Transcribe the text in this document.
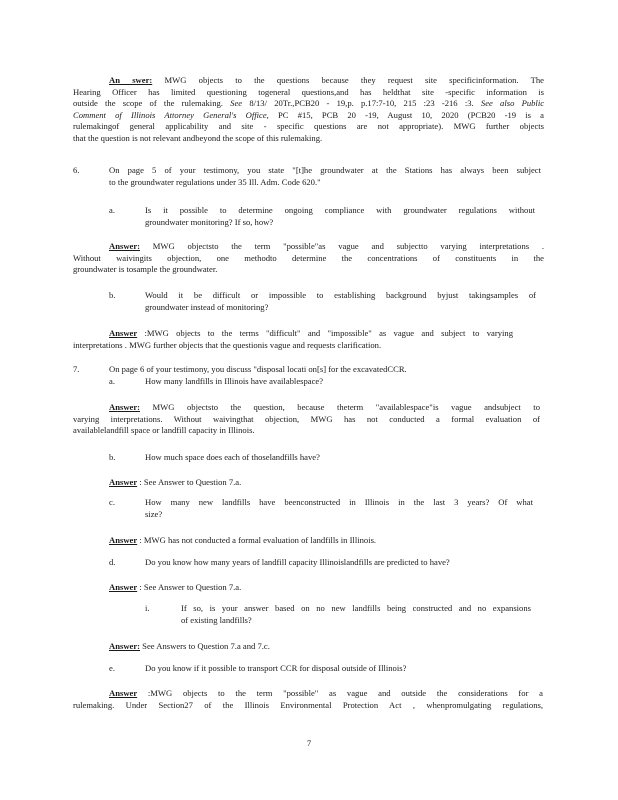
An swer: MWG objects to the questions because they request site specificinformation. The
Hearing Officer has limited questioning togeneral questions,and has heldthat site -specific information is
outside the scope of the rulemaking. See 8/13/ 20Tr.,PCB20 - 19,p. p.17:7-10, 215 :23 -216 :3. See also Public
Comment of Illinois Attorney General's Office, PC #15, PCB 20 -19, August 10, 2020 (PCB20 -19 is a
rulemakingof general applicability and site - specific questions are not appropriate). MWG further objects
that the question is not relevant andbeyond the scope of this rulemaking.
6.	On page 5 of your testimony, you state "[t]he groundwater at the Stations has always been subject
to the groundwater regulations under 35 Ill. Adm. Code 620."
a.	Is it possible to determine ongoing compliance with groundwater regulations without
groundwater monitoring? If so, how?
Answer: MWG objectsto the term "possible"as vague and subjectto varying interpretations .
Without waivingits objection, one methodto determine the concentrations of constituents in the
groundwater is tosample the groundwater.
b.	Would it be difficult or impossible to establishing background byjust takingsamples of
groundwater instead of monitoring?
Answer :MWG objects to the terms "difficult" and "impossible" as vague and subject to varying
interpretations . MWG further objects that the questionis vague and requests clarification.
7.	On page 6 of your testimony, you discuss "disposal locati on[s] for the excavatedCCR.
a.	How many landfills in Illinois have availablespace?
Answer: MWG objectsto the question, because theterm "availablespace"is vague andsubject to
varying interpretations. Without waivingthat objection, MWG has not conducted a formal evaluation of
availablelandfill space or landfill capacity in Illinois.
b.	How much space does each of thoselandfills have?
Answer : See Answer to Question 7.a.
c.	How many new landfills have beenconstructed in Illinois in the last 3 years? Of what
size?
Answer : MWG has not conducted a formal evaluation of landfills in Illinois.
d.	Do you know how many years of landfill capacity Illinoislandfills are predicted to have?
Answer : See Answer to Question 7.a.
i.	If so, is your answer based on no new landfills being constructed and no expansions
of existing landfills?
Answer: See Answers to Question 7.a and 7.c.
e.	Do you know if it possible to transport CCR for disposal outside of Illinois?
Answer :MWG objects to the term "possible" as vague and outside the considerations for a
rulemaking. Under Section27 of the Illinois Environmental Protection Act , whenpromulgating regulations,
7
